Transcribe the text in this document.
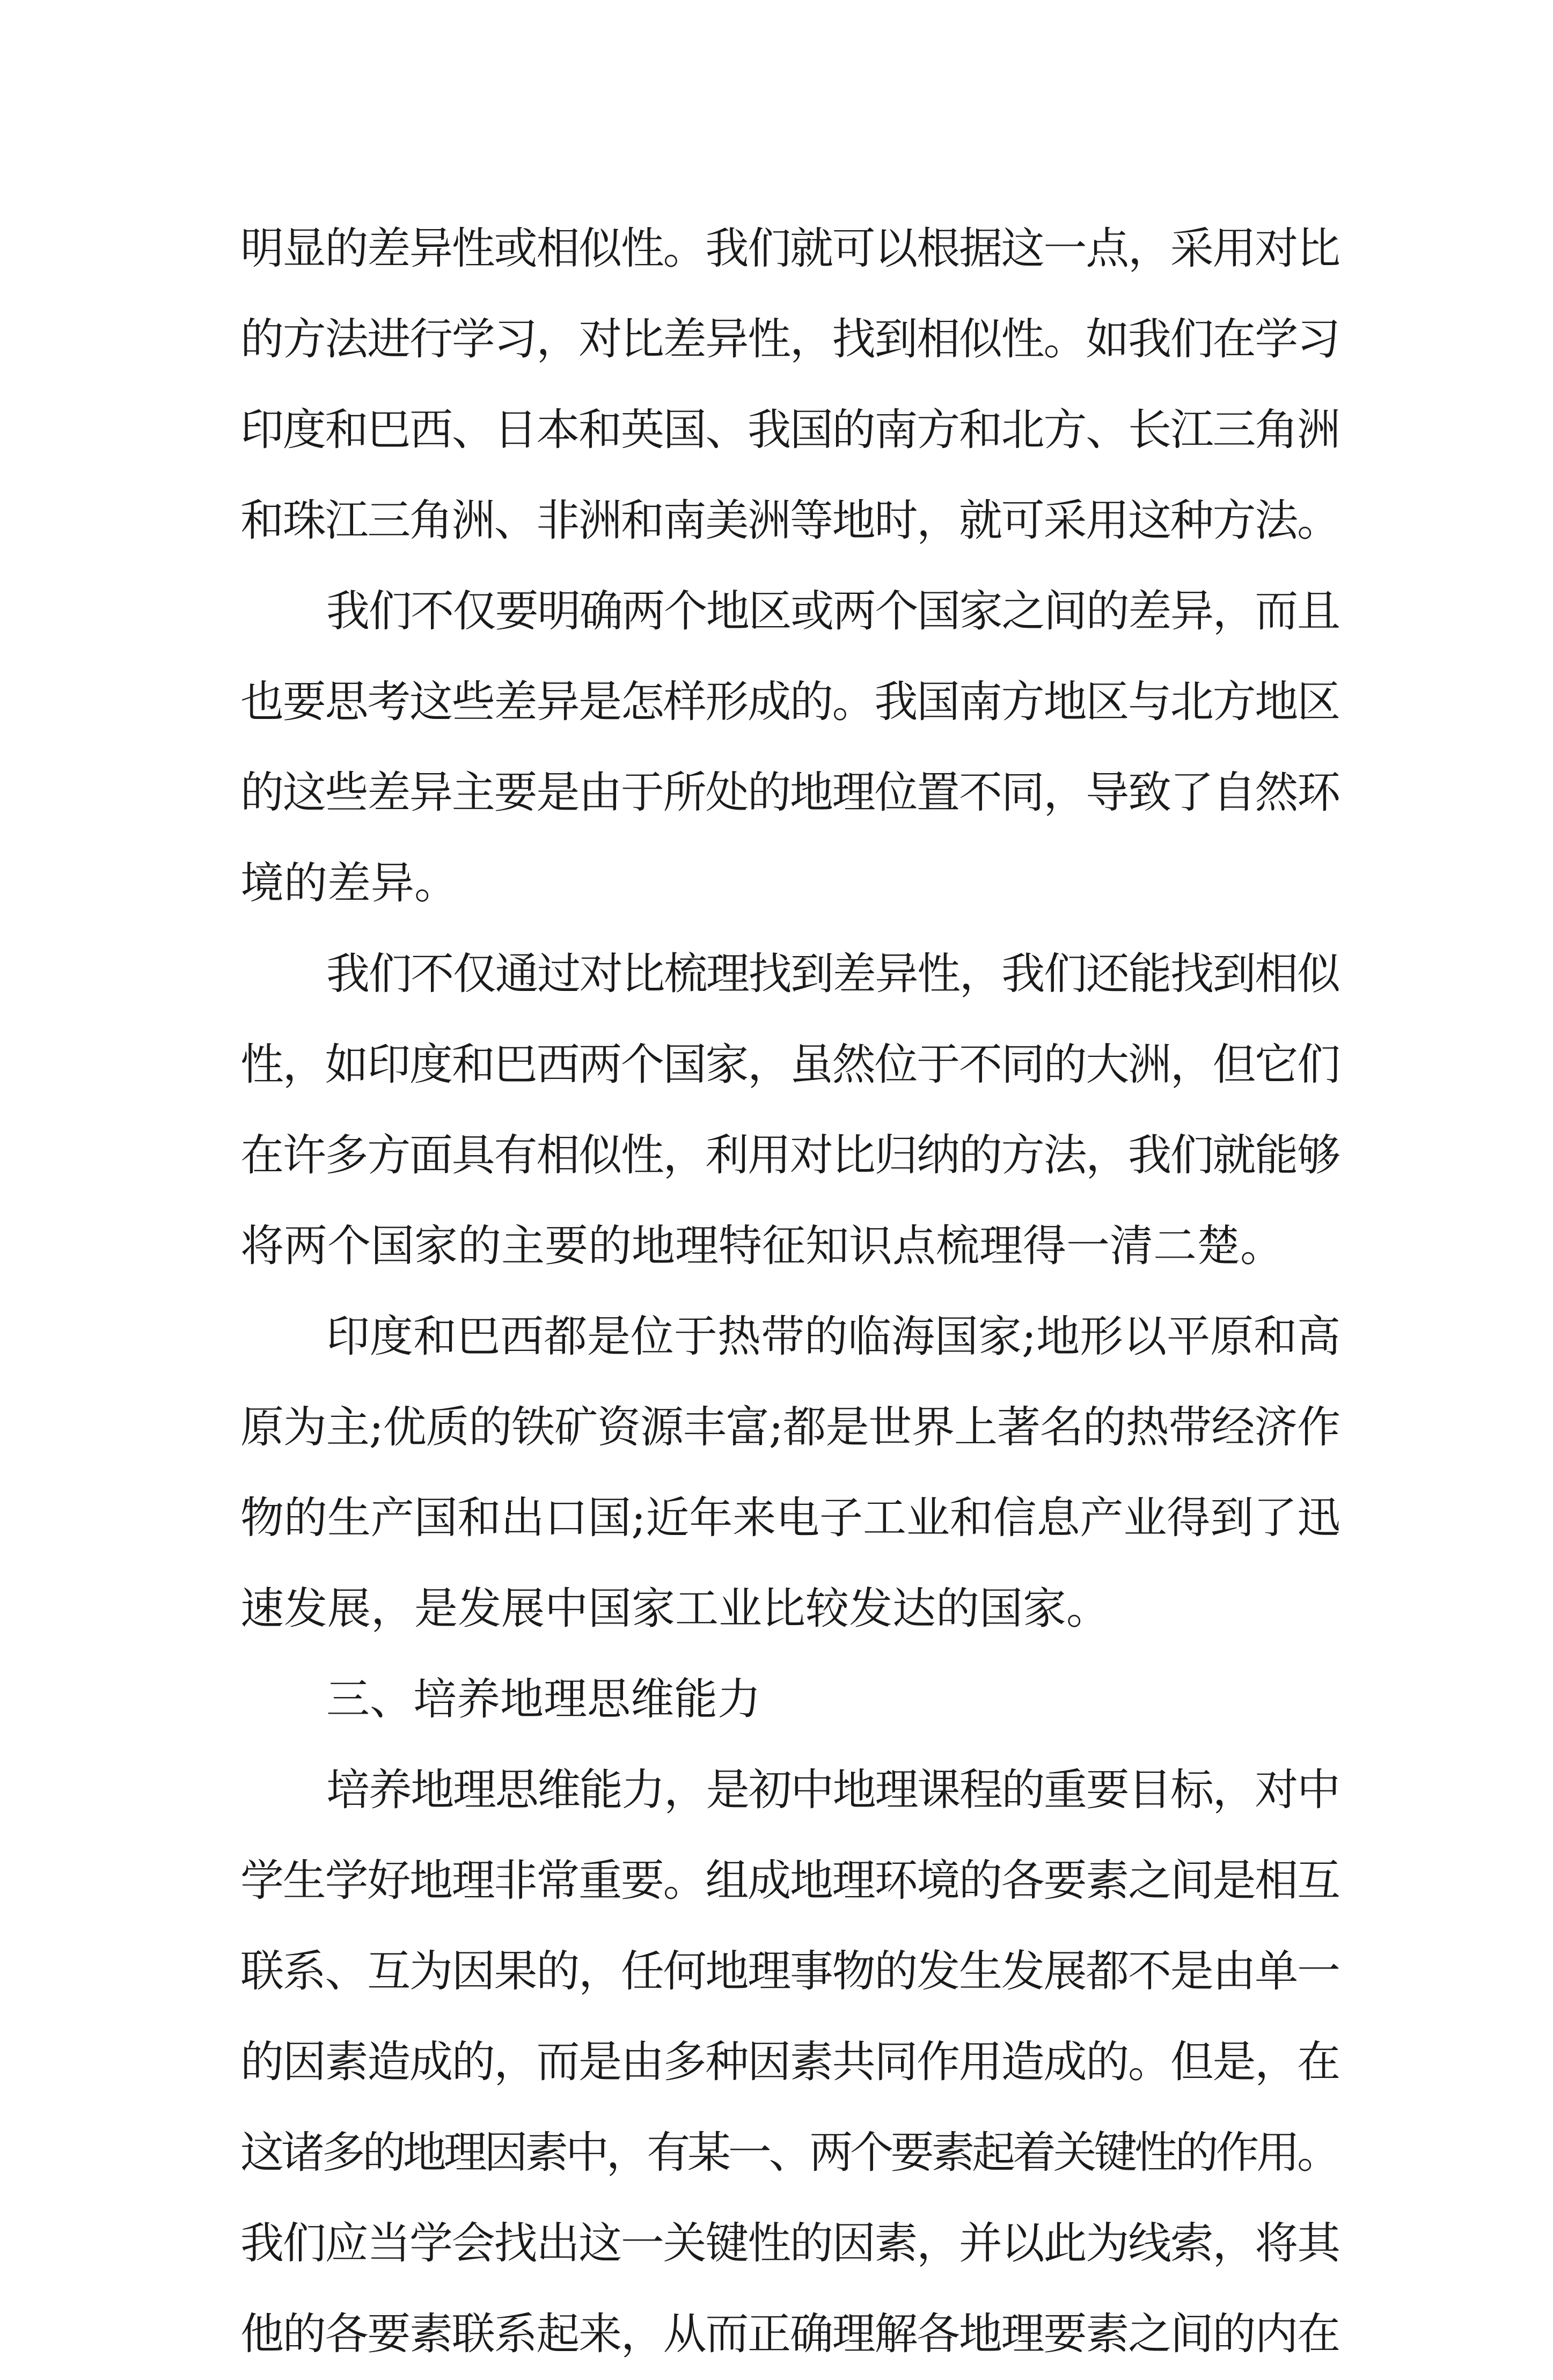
明显的差异性或相似性。我们就可以根据这一点，采用对比
的方法进行学习，对比差异性，找到相似性。如我们在学习
印度和巴西、日本和英国、我国的南方和北方、长江三角洲
和珠江三角洲、非洲和南美洲等地时，就可采用这种方法。
我们不仅要明确两个地区或两个国家之间的差异，而且
也要思考这些差异是怎样形成的。我国南方地区与北方地区
的这些差异主要是由于所处的地理位置不同，导致了自然环
境的差异。
我们不仅通过对比梳理找到差异性，我们还能找到相似
性，如印度和巴西两个国家，虽然位于不同的大洲，但它们
在许多方面具有相似性，利用对比归纳的方法，我们就能够
将两个国家的主要的地理特征知识点梳理得一清二楚。
印度和巴西都是位于热带的临海国家;地形以平原和高
原为主;优质的铁矿资源丰富;都是世界上著名的热带经济作
物的生产国和出口国;近年来电子工业和信息产业得到了迅
速发展，是发展中国家工业比较发达的国家。
三、培养地理思维能力
培养地理思维能力，是初中地理课程的重要目标，对中
学生学好地理非常重要。组成地理环境的各要素之间是相互
联系、互为因果的，任何地理事物的发生发展都不是由单一
的因素造成的，而是由多种因素共同作用造成的。但是，在
这诸多的地理因素中，有某一、两个要素起着关键性的作用。
我们应当学会找出这一关键性的因素，并以此为线索，将其
他的各要素联系起来，从而正确理解各地理要素之间的内在
